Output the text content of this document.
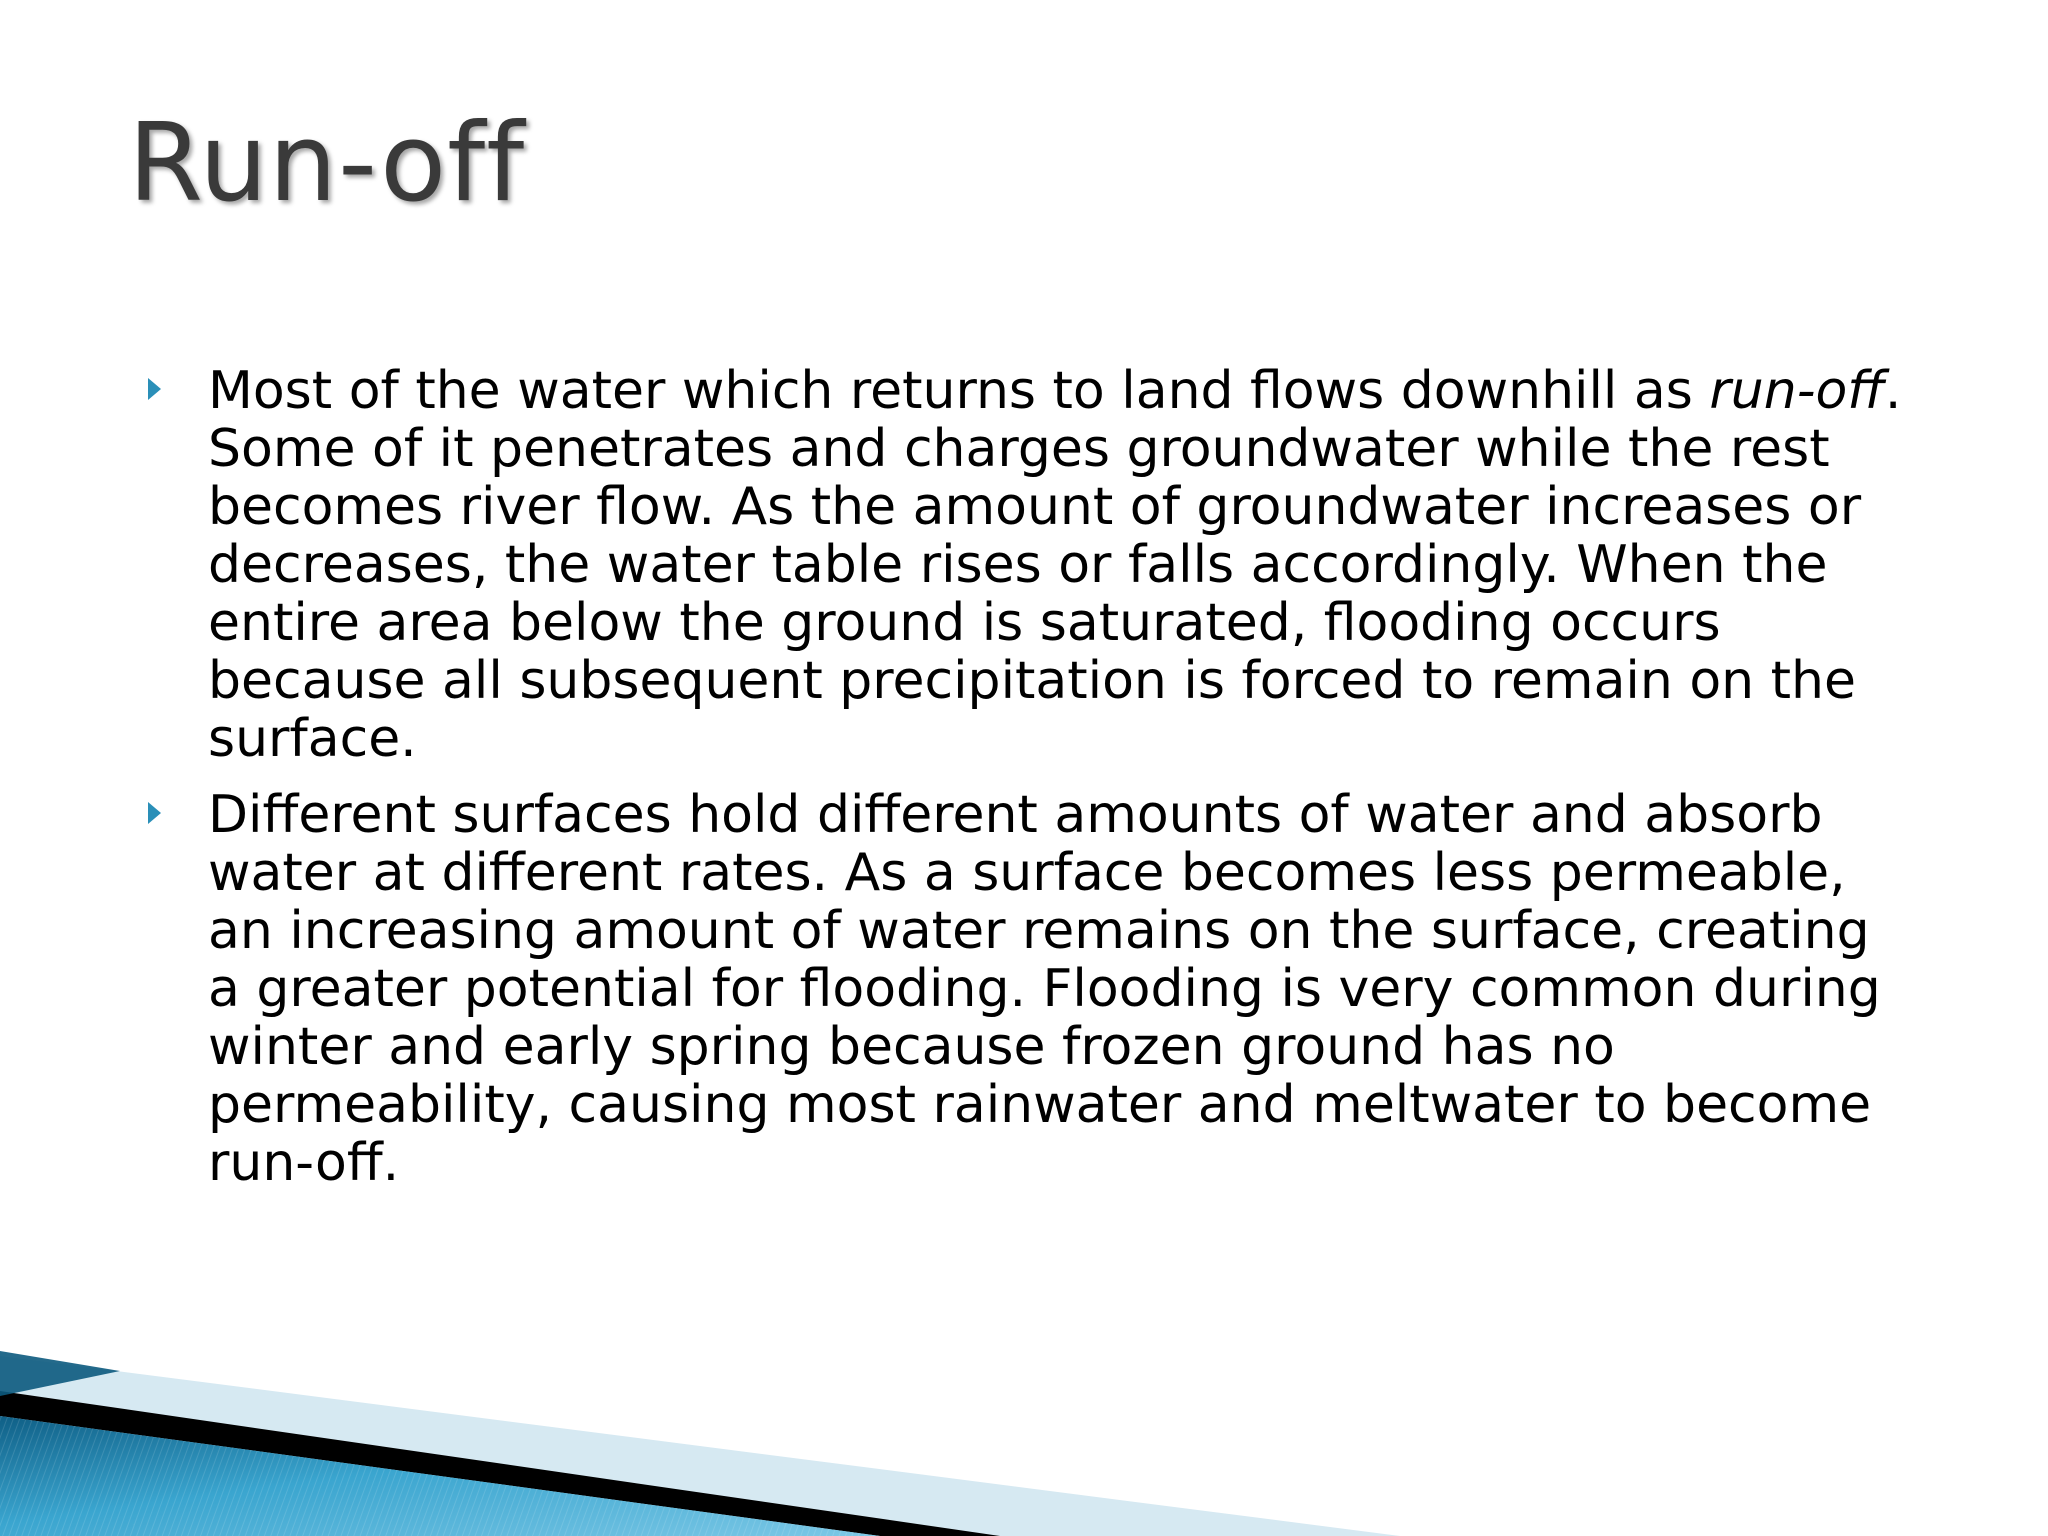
Run-off
Most of the water which returns to land flows downhill as run-off. Some of it penetrates and charges groundwater while the rest becomes river flow. As the amount of groundwater increases or decreases, the water table rises or falls accordingly. When the entire area below the ground is saturated, flooding occurs because all subsequent precipitation is forced to remain on the surface.
Different surfaces hold different amounts of water and absorb water at different rates. As a surface becomes less permeable, an increasing amount of water remains on the surface, creating a greater potential for flooding. Flooding is very common during winter and early spring because frozen ground has no permeability, causing most rainwater and meltwater to become run-off.
